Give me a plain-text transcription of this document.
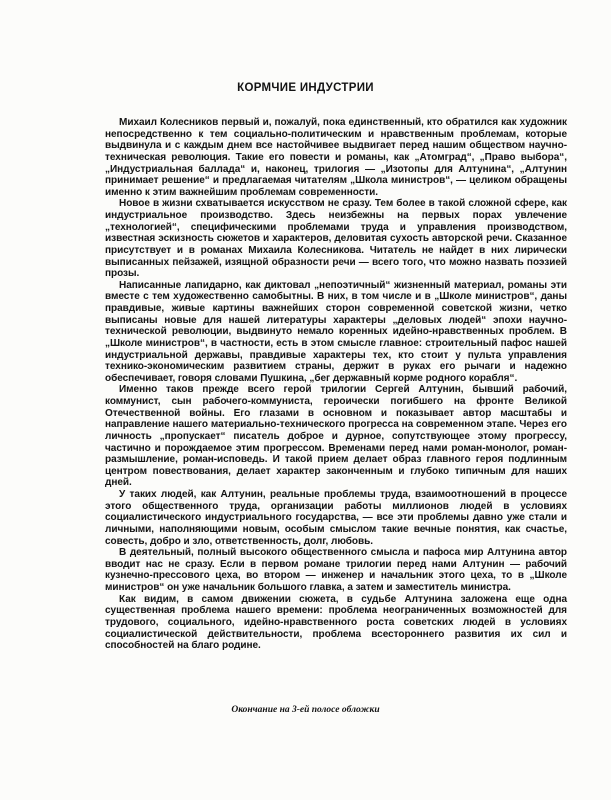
КОРМЧИЕ ИНДУСТРИИ

Михаил Колесников первый и, пожалуй, пока единственный, кто обратился как художник непосредственно к тем социально-политическим и нравственным проблемам, которые выдвинула и с каждым днем все настойчивее выдвигает перед нашим обществом научно-техническая революция. Такие его повести и романы, как „Атомград“, „Право выбора“, „Индустриальная баллада“ и, наконец, трилогия — „Изотопы для Алтунина“, „Алтунин принимает решение“ и предлагаемая читателям „Школа министров“, — целиком обращены именно к этим важнейшим проблемам современности.

Новое в жизни схватывается искусством не сразу. Тем более в такой сложной сфере, как индустриальное производство. Здесь неизбежны на первых порах увлечение „технологией“, специфическими проблемами труда и управления производством, известная эскизность сюжетов и характеров, деловитая сухость авторской речи. Сказанное присутствует и в романах Михаила Колесникова. Читатель не найдет в них лирически выписанных пейзажей, изящной образности речи — всего того, что можно назвать поэзией прозы.

Написанные лапидарно, как диктовал „непоэтичный“ жизненный материал, романы эти вместе с тем художественно самобытны. В них, в том числе и в „Школе министров“, даны правдивые, живые картины важнейших сторон современной советской жизни, четко выписаны новые для нашей литературы характеры „деловых людей“ эпохи научно-технической революции, выдвинуто немало коренных идейно-нравственных проблем. В „Школе министров“, в частности, есть в этом смысле главное: строительный пафос нашей индустриальной державы, правдивые характеры тех, кто стоит у пульта управления технико-экономическим развитием страны, держит в руках его рычаги и надежно обеспечивает, говоря словами Пушкина, „бег державный корме родного корабля“.

Именно таков прежде всего герой трилогии Сергей Алтунин, бывший рабочий, коммунист, сын рабочего-коммуниста, героически погибшего на фронте Великой Отечественной войны. Его глазами в основном и показывает автор масштабы и направление нашего материально-технического прогресса на современном этапе. Через его личность „пропускает“ писатель доброе и дурное, сопутствующее этому прогрессу, частично и порождаемое этим прогрессом. Временами перед нами роман-монолог, роман-размышление, роман-исповедь. И такой прием делает образ главного героя подлинным центром повествования, делает характер законченным и глубоко типичным для наших дней.

У таких людей, как Алтунин, реальные проблемы труда, взаимоотношений в процессе этого общественного труда, организации работы миллионов людей в условиях социалистического индустриального государства, — все эти проблемы давно уже стали и личными, наполняющими новым, особым смыслом такие вечные понятия, как счастье, совесть, добро и зло, ответственность, долг, любовь.

В деятельный, полный высокого общественного смысла и пафоса мир Алтунина автор вводит нас не сразу. Если в первом романе трилогии перед нами Алтунин — рабочий кузнечно-прессового цеха, во втором — инженер и начальник этого цеха, то в „Школе министров“ он уже начальник большого главка, а затем и заместитель министра.

Как видим, в самом движении сюжета, в судьбе Алтунина заложена еще одна существенная проблема нашего времени: проблема неограниченных возможностей для трудового, социального, идейно-нравственного роста советских людей в условиях социалистической действительности, проблема всестороннего развития их сил и способностей на благо родине.

Окончание на 3-ей полосе обложки
